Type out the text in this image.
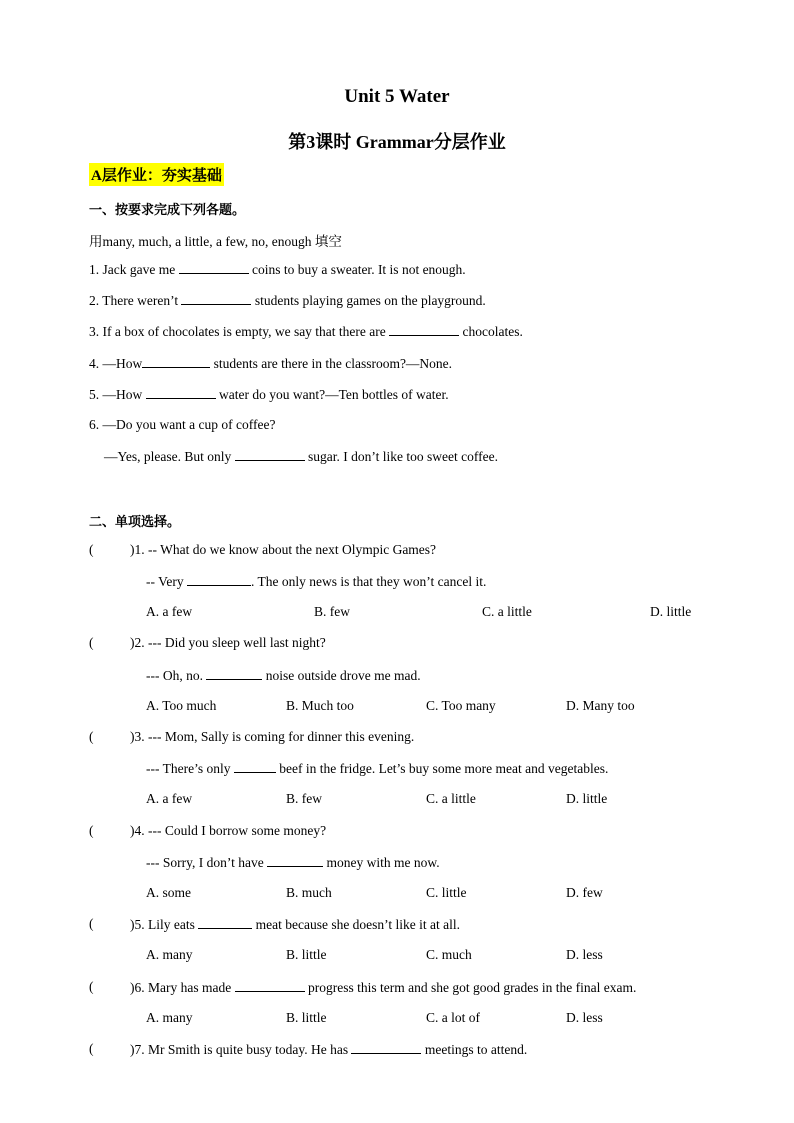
Unit 5 Water
第3课时 Grammar分层作业
A层作业：夯实基础
一、按要求完成下列各题。
用many, much, a little, a few, no, enough 填空
1. Jack gave me	coins to buy a sweater. It is not enough.
2. There weren’t	students playing games on the playground.
3. If a box of chocolates is empty, we say that there are	chocolates.
4. —How	students are there in the classroom?—None.
5. —How	water do you want?—Ten bottles of water.
6. —Do you want a cup of coffee?
—Yes, please. But only	sugar. I don’t like too sweet coffee.
二、单项选择。
(	)1. -- What do we know about the next Olympic Games?
-- Very	. The only news is that they won’t cancel it.
A. a few	B. few	C. a little	D. little
(	)2. --- Did you sleep well last night?
--- Oh, no.	noise outside drove me mad.
A. Too much	B. Much too	C. Too many	D. Many too
(	)3. --- Mom, Sally is coming for dinner this evening.
--- There’s only	beef in the fridge. Let’s buy some more meat and vegetables.
A. a few	B. few	C. a little	D. little
(	)4. --- Could I borrow some money?
--- Sorry, I don’t have	money with me now.
A. some	B. much	C. little	D. few
(	)5. Lily eats	meat because she doesn’t like it at all.
A. many	B. little	C. much	D. less
(	)6. Mary has made	progress this term and she got good grades in the final exam.
A. many	B. little	C. a lot of	D. less
(	)7. Mr Smith is quite busy today. He has	meetings to attend.
